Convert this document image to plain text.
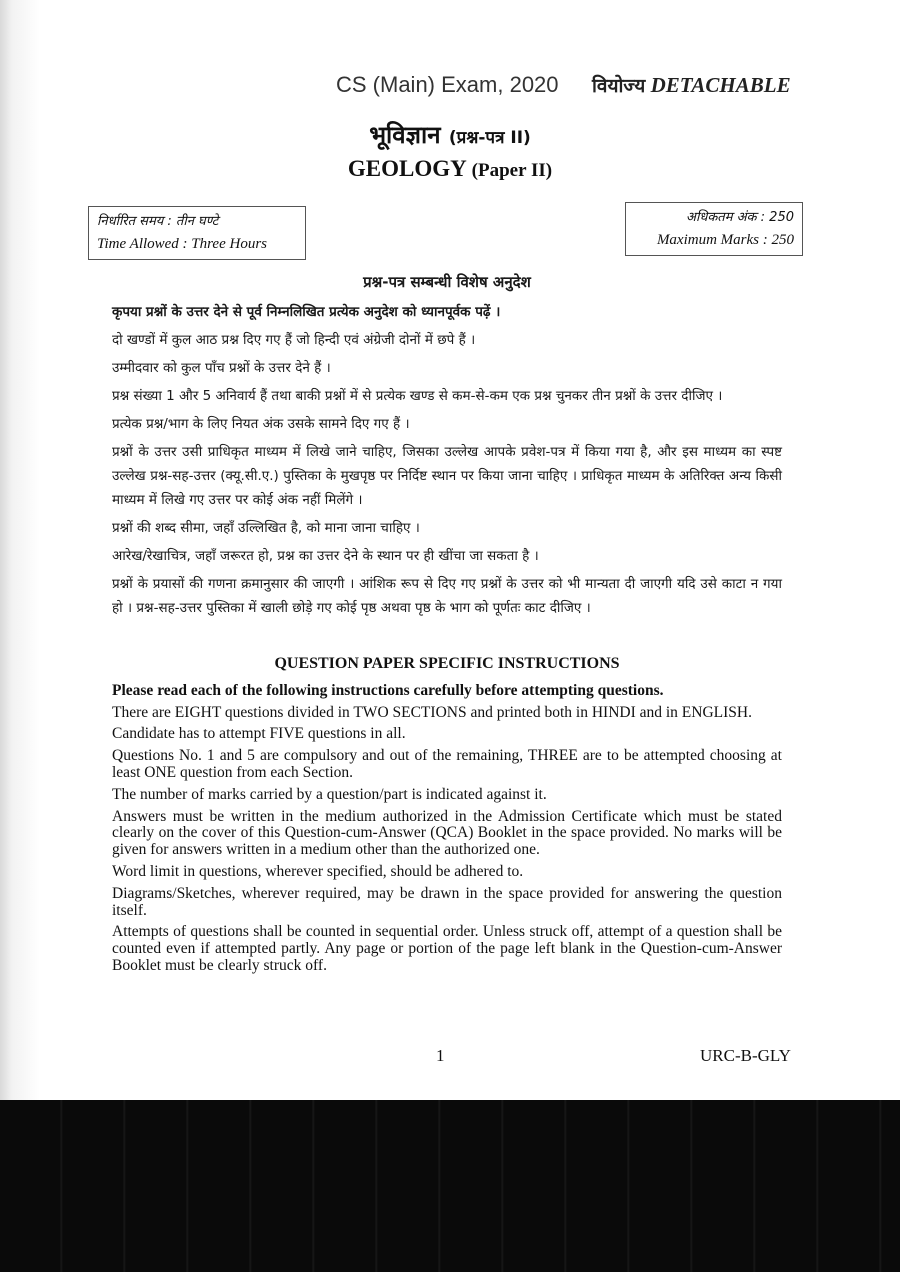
CS (Main) Exam, 2020 वियोज्य DETACHABLE
भूविज्ञान (प्रश्न-पत्र II)
GEOLOGY (Paper II)
निर्धारित समय : तीन घण्टे
Time Allowed : Three Hours
अधिकतम अंक : 250
Maximum Marks : 250
प्रश्न-पत्र सम्बन्धी विशेष अनुदेश

कृपया प्रश्नों के उत्तर देने से पूर्व निम्नलिखित प्रत्येक अनुदेश को ध्यानपूर्वक पढ़ें ।

दो खण्डों में कुल आठ प्रश्न दिए गए हैं जो हिन्दी एवं अंग्रेजी दोनों में छपे हैं ।

उम्मीदवार को कुल पाँच प्रश्नों के उत्तर देने हैं ।

प्रश्न संख्या 1 और 5 अनिवार्य हैं तथा बाकी प्रश्नों में से प्रत्येक खण्ड से कम-से-कम एक प्रश्न चुनकर तीन प्रश्नों के उत्तर दीजिए ।

प्रत्येक प्रश्न/भाग के लिए नियत अंक उसके सामने दिए गए हैं ।

प्रश्नों के उत्तर उसी प्राधिकृत माध्यम में लिखे जाने चाहिए, जिसका उल्लेख आपके प्रवेश-पत्र में किया गया है, और इस माध्यम का स्पष्ट उल्लेख प्रश्न-सह-उत्तर (क्यू.सी.ए.) पुस्तिका के मुखपृष्ठ पर निर्दिष्ट स्थान पर किया जाना चाहिए । प्राधिकृत माध्यम के अतिरिक्त अन्य किसी माध्यम में लिखे गए उत्तर पर कोई अंक नहीं मिलेंगे ।

प्रश्नों की शब्द सीमा, जहाँ उल्लिखित है, को माना जाना चाहिए ।

आरेख/रेखाचित्र, जहाँ जरूरत हो, प्रश्न का उत्तर देने के स्थान पर ही खींचा जा सकता है ।

प्रश्नों के प्रयासों की गणना क्रमानुसार की जाएगी । आंशिक रूप से दिए गए प्रश्नों के उत्तर को भी मान्यता दी जाएगी यदि उसे काटा न गया हो । प्रश्न-सह-उत्तर पुस्तिका में खाली छोड़े गए कोई पृष्ठ अथवा पृष्ठ के भाग को पूर्णतः काट दीजिए ।

QUESTION PAPER SPECIFIC INSTRUCTIONS

Please read each of the following instructions carefully before attempting questions.

There are EIGHT questions divided in TWO SECTIONS and printed both in HINDI and in ENGLISH.

Candidate has to attempt FIVE questions in all.

Questions No. 1 and 5 are compulsory and out of the remaining, THREE are to be attempted choosing at least ONE question from each Section.

The number of marks carried by a question/part is indicated against it.

Answers must be written in the medium authorized in the Admission Certificate which must be stated clearly on the cover of this Question-cum-Answer (QCA) Booklet in the space provided. No marks will be given for answers written in a medium other than the authorized one.

Word limit in questions, wherever specified, should be adhered to.

Diagrams/Sketches, wherever required, may be drawn in the space provided for answering the question itself.

Attempts of questions shall be counted in sequential order. Unless struck off, attempt of a question shall be counted even if attempted partly. Any page or portion of the page left blank in the Question-cum-Answer Booklet must be clearly struck off.

1	URC-B-GLY
